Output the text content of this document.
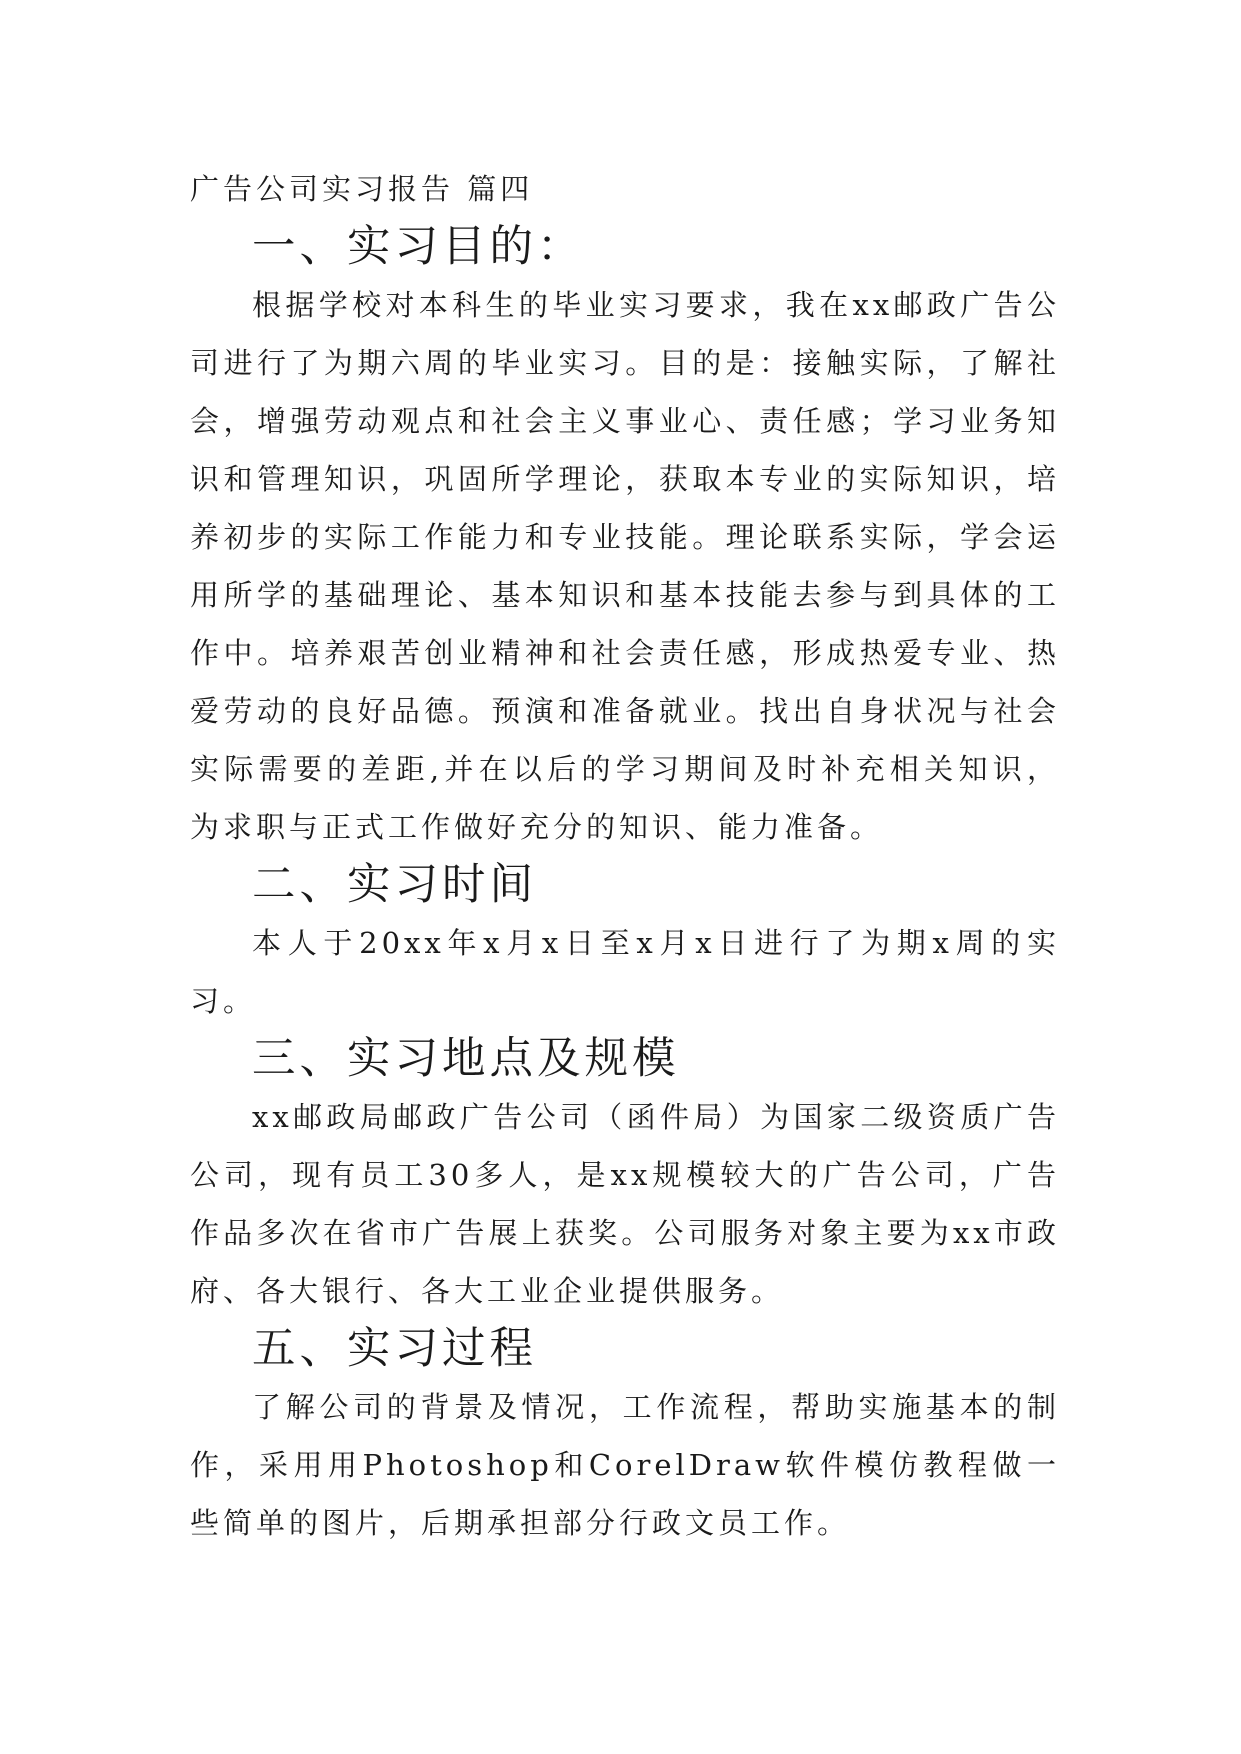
广告公司实习报告 篇四
一、实习目的：

根据学校对本科生的毕业实习要求，我在xx邮政广告公司进行了为期六周的毕业实习。目的是：接触实际，了解社会，增强劳动观点和社会主义事业心、责任感；学习业务知识和管理知识，巩固所学理论，获取本专业的实际知识，培养初步的实际工作能力和专业技能。理论联系实际，学会运用所学的基础理论、基本知识和基本技能去参与到具体的工作中。培养艰苦创业精神和社会责任感，形成热爱专业、热爱劳动的良好品德。预演和准备就业。找出自身状况与社会实际需要的差距,并在以后的学习期间及时补充相关知识，为求职与正式工作做好充分的知识、能力准备。

二、实习时间

本人于20xx年x月x日至x月x日进行了为期x周的实习。

三、实习地点及规模

xx邮政局邮政广告公司（函件局）为国家二级资质广告公司，现有员工30多人，是xx规模较大的广告公司，广告作品多次在省市广告展上获奖。公司服务对象主要为xx市政府、各大银行、各大工业企业提供服务。

五、实习过程

了解公司的背景及情况，工作流程，帮助实施基本的制作，采用用Photoshop和CorelDraw软件模仿教程做一些简单的图片，后期承担部分行政文员工作。
